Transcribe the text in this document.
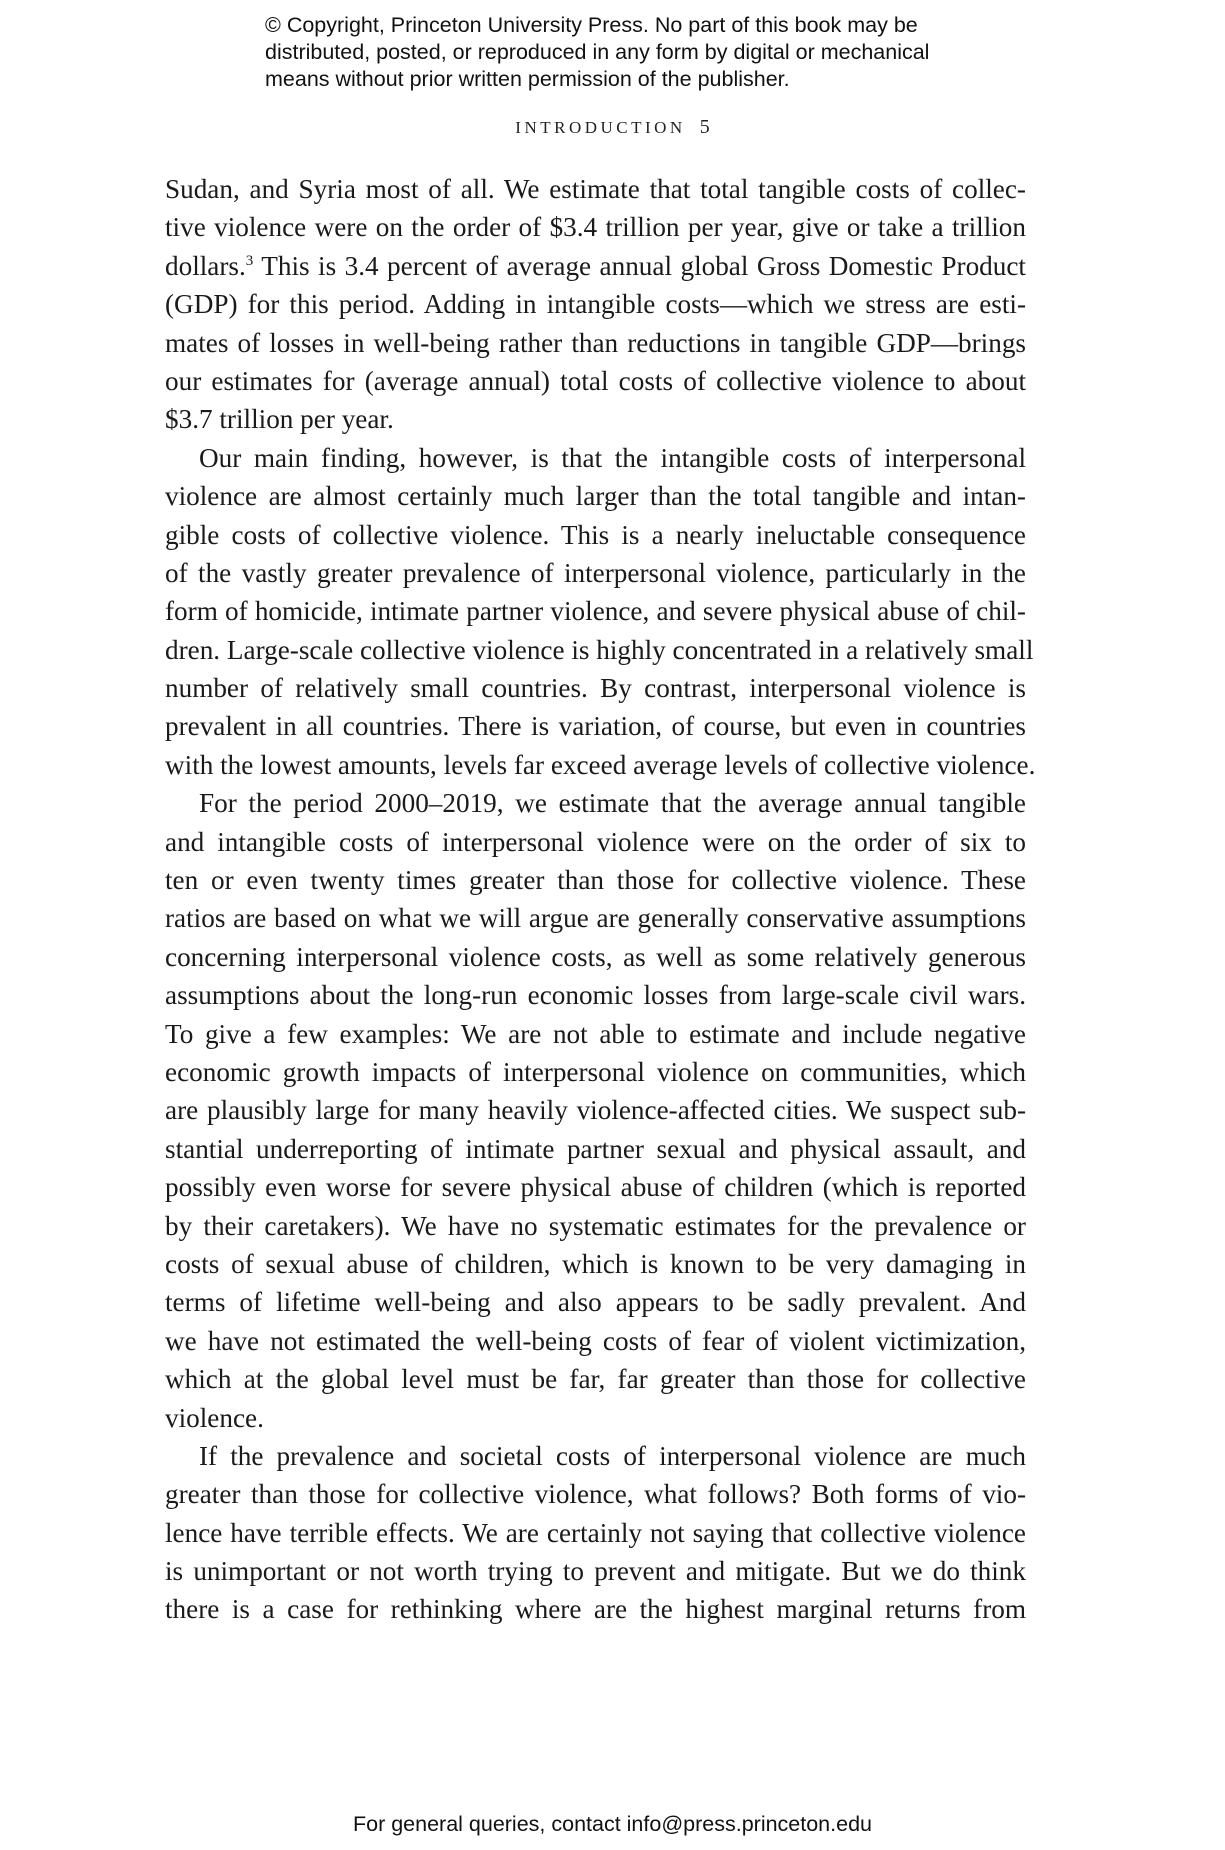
© Copyright, Princeton University Press. No part of this book may be
distributed, posted, or reproduced in any form by digital or mechanical
means without prior written permission of the publisher.
INTRODUCTION 5
Sudan, and Syria most of all. We estimate that total tangible costs of collec-
tive violence were on the order of $3.4 trillion per year, give or take a trillion
dollars.$^3$ This is 3.4 percent of average annual global Gross Domestic Product
(GDP) for this period. Adding in intangible costs—which we stress are esti-
mates of losses in well-being rather than reductions in tangible GDP—brings
our estimates for (average annual) total costs of collective violence to about
$3.7 trillion per year.
Our main finding, however, is that the intangible costs of interpersonal
violence are almost certainly much larger than the total tangible and intan-
gible costs of collective violence. This is a nearly ineluctable consequence
of the vastly greater prevalence of interpersonal violence, particularly in the
form of homicide, intimate partner violence, and severe physical abuse of chil-
dren. Large-scale collective violence is highly concentrated in a relatively small
number of relatively small countries. By contrast, interpersonal violence is
prevalent in all countries. There is variation, of course, but even in countries
with the lowest amounts, levels far exceed average levels of collective violence.
For the period 2000–2019, we estimate that the average annual tangible
and intangible costs of interpersonal violence were on the order of six to
ten or even twenty times greater than those for collective violence. These
ratios are based on what we will argue are generally conservative assumptions
concerning interpersonal violence costs, as well as some relatively generous
assumptions about the long-run economic losses from large-scale civil wars.
To give a few examples: We are not able to estimate and include negative
economic growth impacts of interpersonal violence on communities, which
are plausibly large for many heavily violence-affected cities. We suspect sub-
stantial underreporting of intimate partner sexual and physical assault, and
possibly even worse for severe physical abuse of children (which is reported
by their caretakers). We have no systematic estimates for the prevalence or
costs of sexual abuse of children, which is known to be very damaging in
terms of lifetime well-being and also appears to be sadly prevalent. And
we have not estimated the well-being costs of fear of violent victimization,
which at the global level must be far, far greater than those for collective
violence.
If the prevalence and societal costs of interpersonal violence are much
greater than those for collective violence, what follows? Both forms of vio-
lence have terrible effects. We are certainly not saying that collective violence
is unimportant or not worth trying to prevent and mitigate. But we do think
there is a case for rethinking where are the highest marginal returns from
For general queries, contact info@press.princeton.edu
